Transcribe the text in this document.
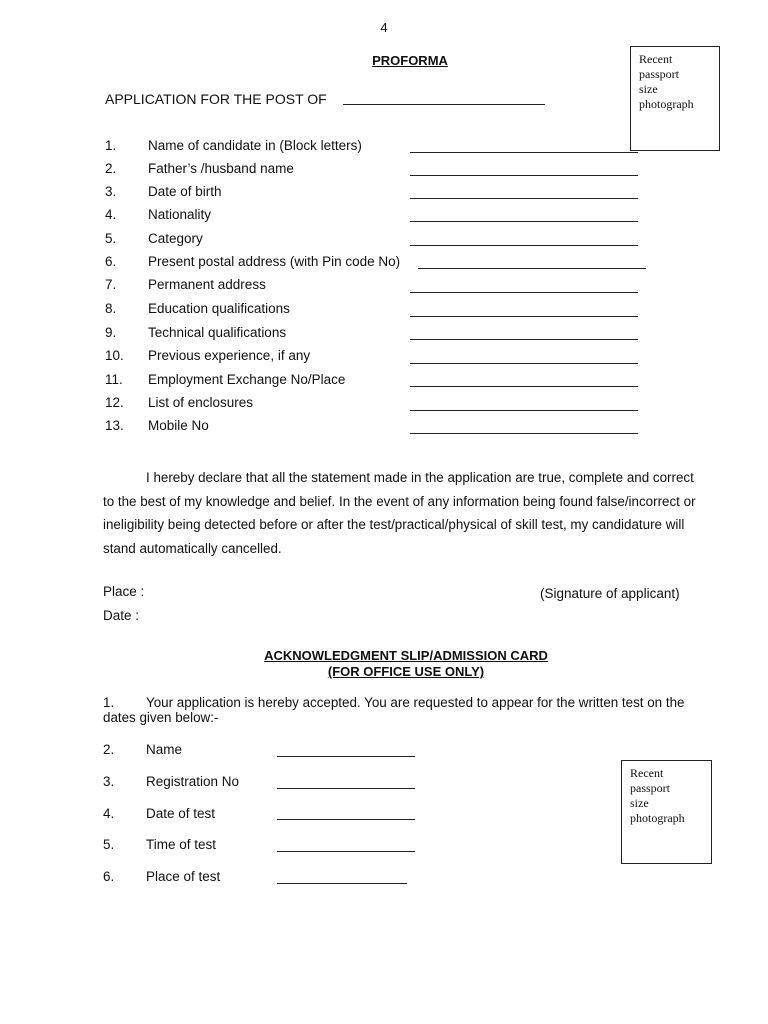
4
PROFORMA	Recent
passport
size
photograph
APPLICATION FOR THE POST OF
1.	Name of candidate in (Block letters)
2.	Father’s /husband name
3.	Date of birth
4.	Nationality
5.	Category
6.	Present postal address (with Pin code No)
7.	Permanent address
8.	Education qualifications
9.	Technical qualifications
10.	Previous experience, if any
11.	Employment Exchange No/Place
12.	List of enclosures
13.	Mobile No
I hereby declare that all the statement made in the application are true, complete and correct to the best of my knowledge and belief. In the event of any information being found false/incorrect or ineligibility being detected before or after the test/practical/physical of skill test, my candidature will stand automatically cancelled.
Place :
Date :
(Signature of applicant)
ACKNOWLEDGMENT SLIP/ADMISSION CARD
(FOR OFFICE USE ONLY)
1. Your application is hereby accepted. You are requested to appear for the written test on the dates given below:-
2. Name
3. Registration No
4. Date of test
5. Time of test
6. Place of test
Recent
passport
size
photograph
